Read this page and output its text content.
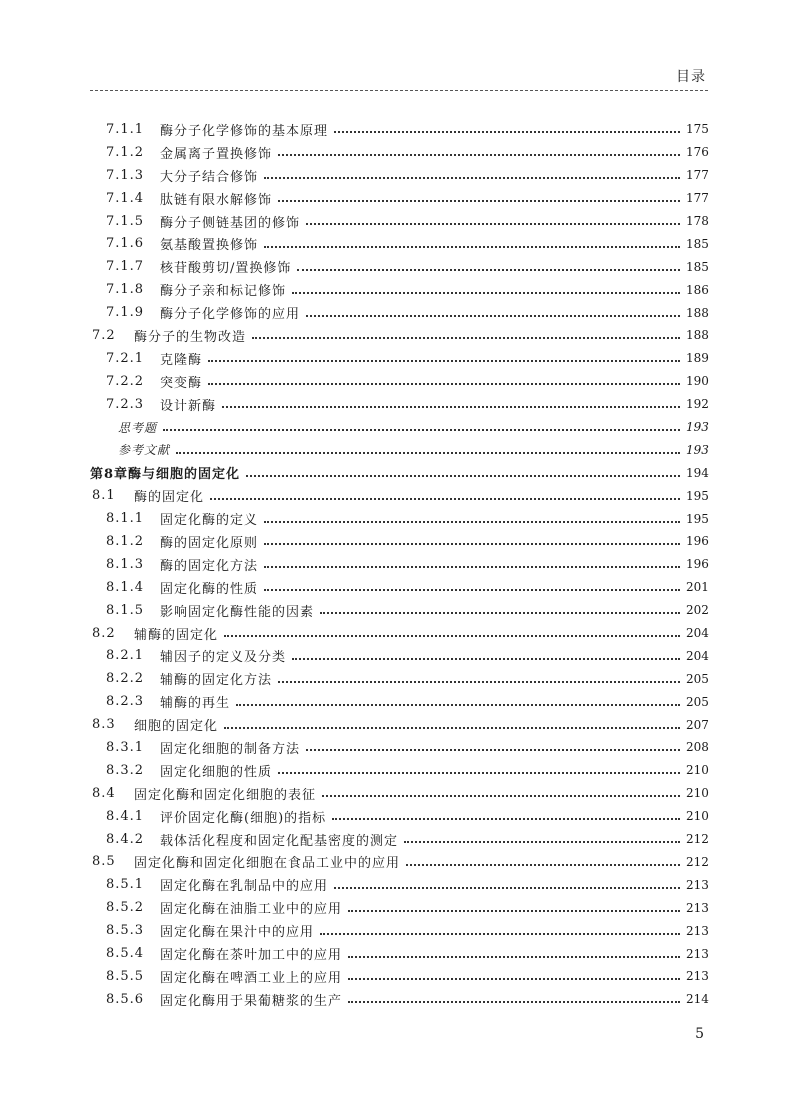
目录
7.1.1	酶分子化学修饰的基本原理	175
7.1.2	金属离子置换修饰	176
7.1.3	大分子结合修饰	177
7.1.4	肽链有限水解修饰	177
7.1.5	酶分子侧链基团的修饰	178
7.1.6	氨基酸置换修饰	185
7.1.7	核苷酸剪切/置换修饰	185
7.1.8	酶分子亲和标记修饰	186
7.1.9	酶分子化学修饰的应用	188
7.2	酶分子的生物改造	188
7.2.1	克隆酶	189
7.2.2	突变酶	190
7.2.3	设计新酶	192
思考题	193
参考文献	193
第8章 酶与细胞的固定化	194
8.1	酶的固定化	195
8.1.1	固定化酶的定义	195
8.1.2	酶的固定化原则	196
8.1.3	酶的固定化方法	196
8.1.4	固定化酶的性质	201
8.1.5	影响固定化酶性能的因素	202
8.2	辅酶的固定化	204
8.2.1	辅因子的定义及分类	204
8.2.2	辅酶的固定化方法	205
8.2.3	辅酶的再生	205
8.3	细胞的固定化	207
8.3.1	固定化细胞的制备方法	208
8.3.2	固定化细胞的性质	210
8.4	固定化酶和固定化细胞的表征	210
8.4.1	评价固定化酶(细胞)的指标	210
8.4.2	载体活化程度和固定化配基密度的测定	212
8.5	固定化酶和固定化细胞在食品工业中的应用	212
8.5.1	固定化酶在乳制品中的应用	213
8.5.2	固定化酶在油脂工业中的应用	213
8.5.3	固定化酶在果汁中的应用	213
8.5.4	固定化酶在茶叶加工中的应用	213
8.5.5	固定化酶在啤酒工业上的应用	213
8.5.6	固定化酶用于果葡糖浆的生产	214
5
